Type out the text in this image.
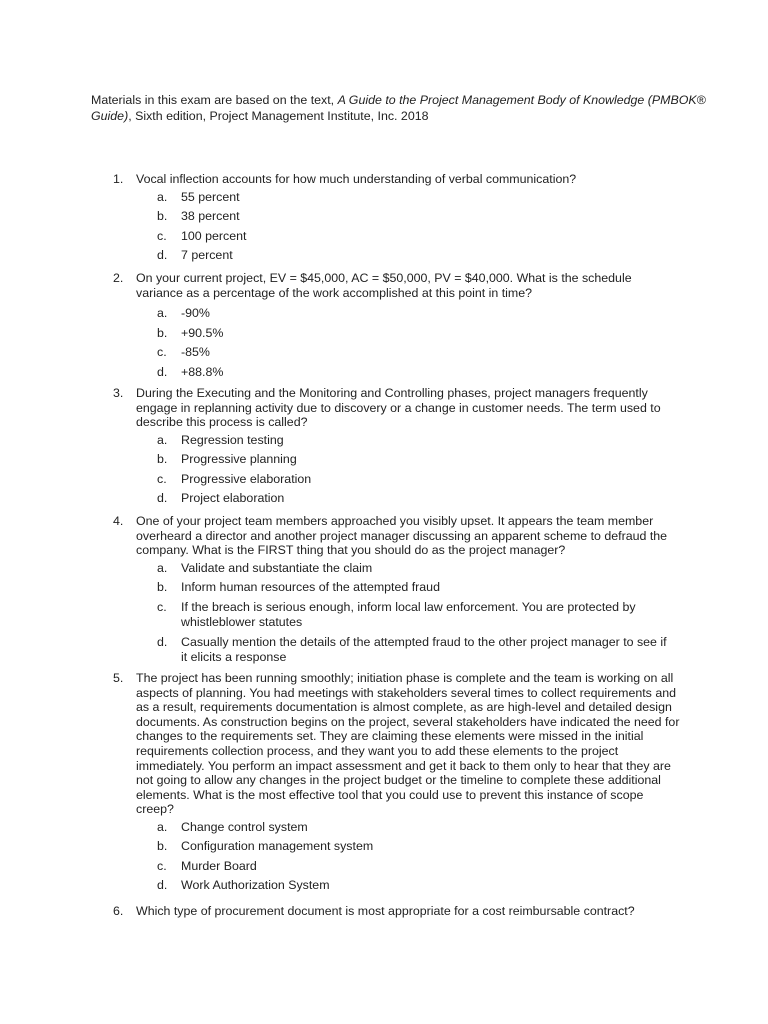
Materials in this exam are based on the text, A Guide to the Project Management Body of Knowledge (PMBOK® Guide), Sixth edition, Project Management Institute, Inc. 2018

1. Vocal inflection accounts for how much understanding of verbal communication?
a. 55 percent
b. 38 percent
c. 100 percent
d. 7 percent
2. On your current project, EV = $45,000, AC = $50,000, PV = $40,000. What is the schedule variance as a percentage of the work accomplished at this point in time?
a. -90%
b. +90.5%
c. -85%
d. +88.8%
3. During the Executing and the Monitoring and Controlling phases, project managers frequently engage in replanning activity due to discovery or a change in customer needs. The term used to describe this process is called?
a. Regression testing
b. Progressive planning
c. Progressive elaboration
d. Project elaboration
4. One of your project team members approached you visibly upset. It appears the team member overheard a director and another project manager discussing an apparent scheme to defraud the company. What is the FIRST thing that you should do as the project manager?
a. Validate and substantiate the claim
b. Inform human resources of the attempted fraud
c. If the breach is serious enough, inform local law enforcement. You are protected by whistleblower statutes
d. Casually mention the details of the attempted fraud to the other project manager to see if it elicits a response
5. The project has been running smoothly; initiation phase is complete and the team is working on all aspects of planning. You had meetings with stakeholders several times to collect requirements and as a result, requirements documentation is almost complete, as are high-level and detailed design documents. As construction begins on the project, several stakeholders have indicated the need for changes to the requirements set. They are claiming these elements were missed in the initial requirements collection process, and they want you to add these elements to the project immediately. You perform an impact assessment and get it back to them only to hear that they are not going to allow any changes in the project budget or the timeline to complete these additional elements. What is the most effective tool that you could use to prevent this instance of scope creep?
a. Change control system
b. Configuration management system
c. Murder Board
d. Work Authorization System
6. Which type of procurement document is most appropriate for a cost reimbursable contract?
